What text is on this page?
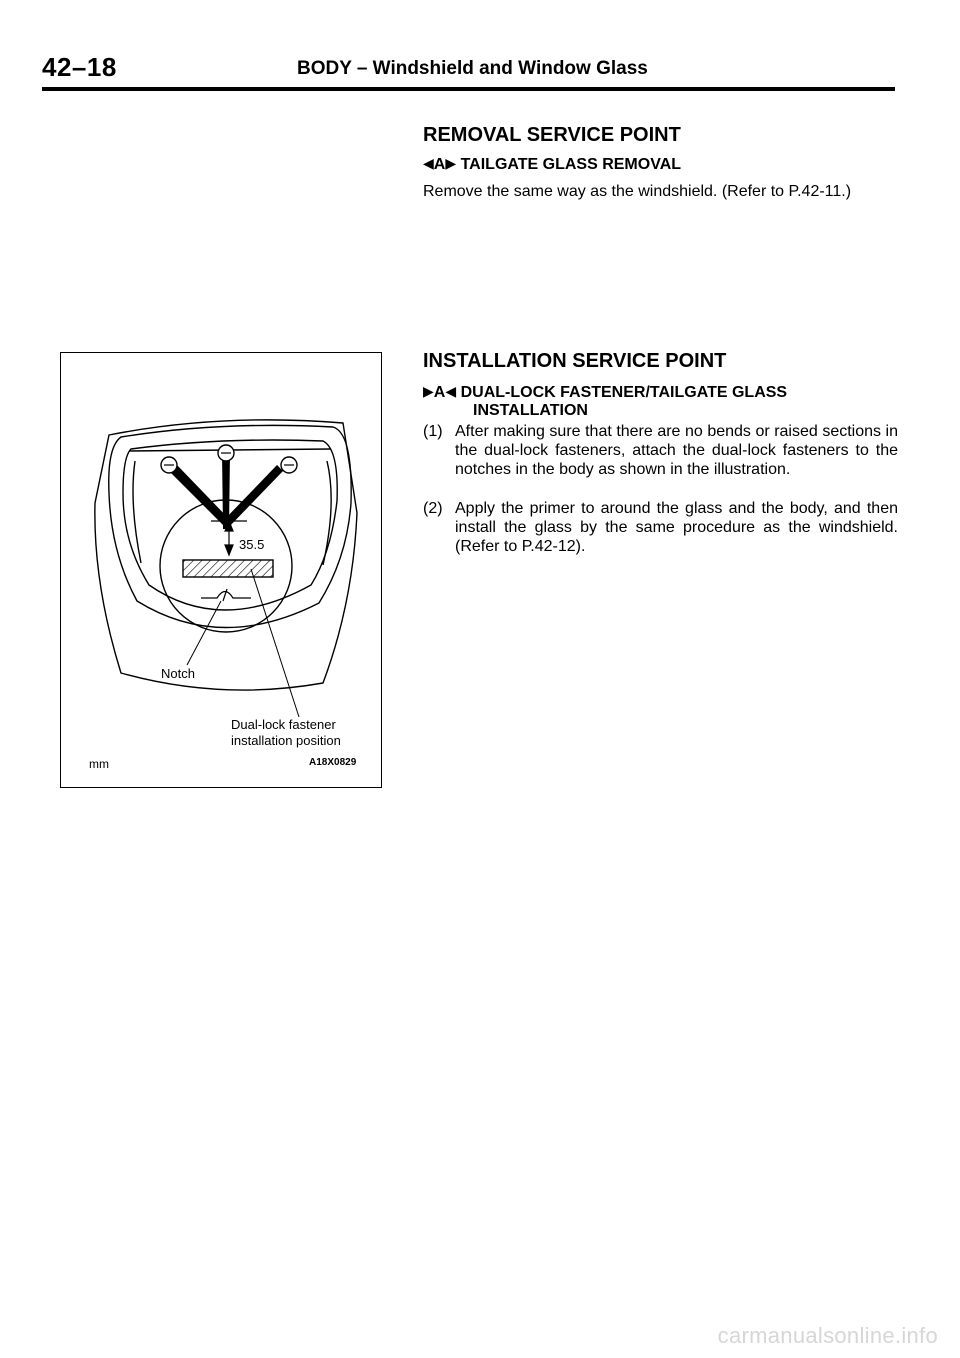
42–18	BODY – Windshield and Window Glass
REMOVAL SERVICE POINT
◀A▶ TAILGATE GLASS REMOVAL
Remove the same way as the windshield. (Refer to P.42-11.)
INSTALLATION SERVICE POINT
▶A◀ DUAL-LOCK FASTENER/TAILGATE GLASS
INSTALLATION
(1) After making sure that there are no bends or raised sections in the dual-lock fasteners, attach the dual-lock fasteners to the notches in the body as shown in the illustration.
(2) Apply the primer to around the glass and the body, and then install the glass by the same procedure as the windshield. (Refer to P.42-12).
35.5
Notch
Dual-lock fastener
installation position
mm	A18X0829
carmanualsonline.info
